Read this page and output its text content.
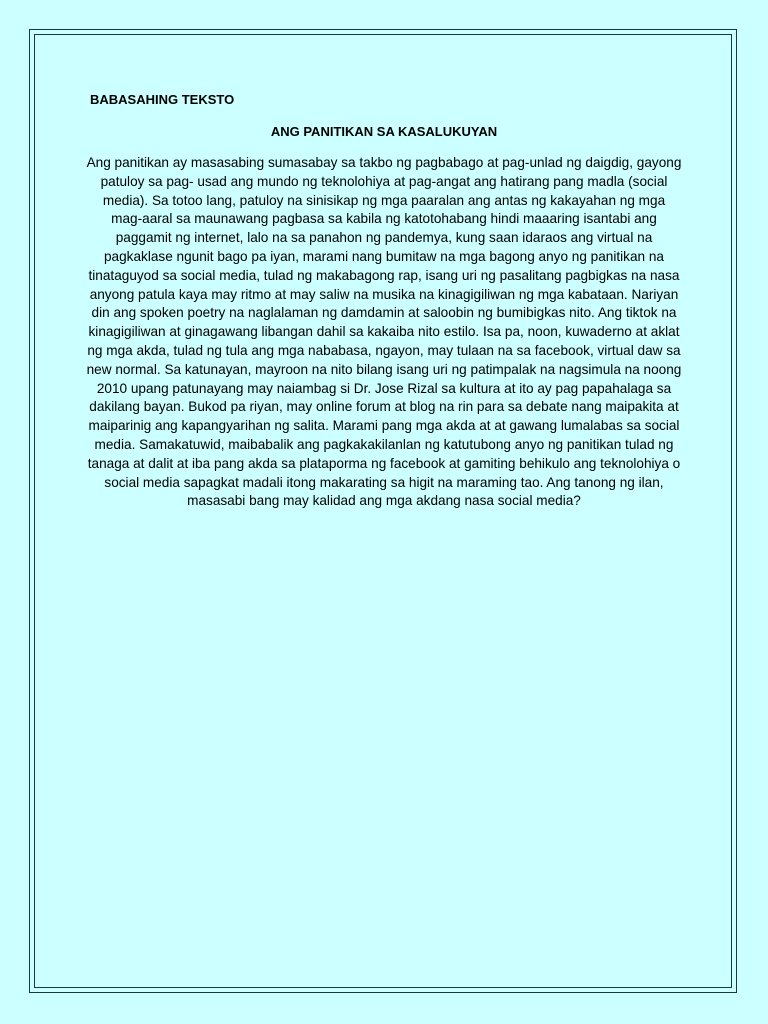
BABASAHING TEKSTO
ANG PANITIKAN SA KASALUKUYAN
Ang panitikan ay masasabing sumasabay sa takbo ng pagbabago at pag-unlad ng daigdig, gayong patuloy sa pag- usad ang mundo ng teknolohiya at pag-angat ang hatirang pang madla (social media). Sa totoo lang, patuloy na sinisikap ng mga paaralan ang antas ng kakayahan ng mga mag-aaral sa maunawang pagbasa sa kabila ng katotohabang hindi maaaring isantabi ang paggamit ng internet, lalo na sa panahon ng pandemya, kung saan idaraos ang virtual na pagkaklase ngunit bago pa iyan, marami nang bumitaw na mga bagong anyo ng panitikan na tinataguyod sa social media, tulad ng makabagong rap, isang uri ng pasalitang pagbigkas na nasa anyong patula kaya may ritmo at may saliw na musika na kinagigiliwan ng mga kabataan. Nariyan din ang spoken poetry na naglalaman ng damdamin at saloobin ng bumibigkas nito. Ang tiktok na kinagigiliwan at ginagawang libangan dahil sa kakaiba nito estilo. Isa pa, noon, kuwaderno at aklat ng mga akda, tulad ng tula ang mga nababasa, ngayon, may tulaan na sa facebook, virtual daw sa new normal. Sa katunayan, mayroon na nito bilang isang uri ng patimpalak na nagsimula na noong 2010 upang patunayang may naiambag si Dr. Jose Rizal sa kultura at ito ay pag papahalaga sa dakilang bayan. Bukod pa riyan, may online forum at blog na rin para sa debate nang maipakita at maiparinig ang kapangyarihan ng salita. Marami pang mga akda at at gawang lumalabas sa social media. Samakatuwid, maibabalik ang pagkakakilanlan ng katutubong anyo ng panitikan tulad ng tanaga at dalit at iba pang akda sa plataporma ng facebook at gamiting behikulo ang teknolohiya o social media sapagkat madali itong makarating sa higit na maraming tao. Ang tanong ng ilan, masasabi bang may kalidad ang mga akdang nasa social media?
